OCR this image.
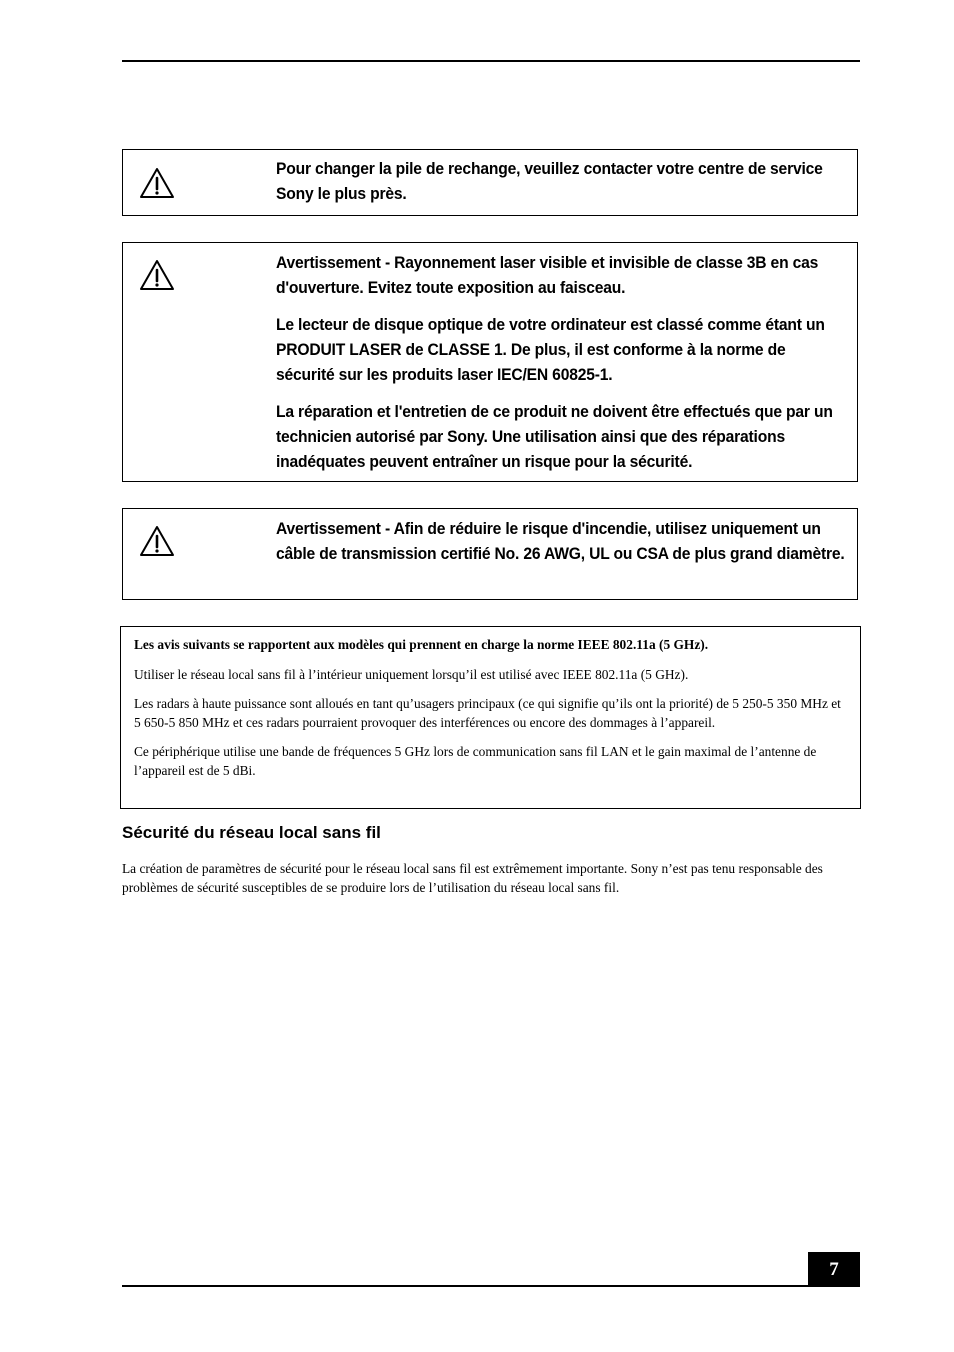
Pour changer la pile de rechange, veuillez contacter votre centre de service Sony le plus près.

Avertissement - Rayonnement laser visible et invisible de classe 3B en cas d'ouverture. Evitez toute exposition au faisceau.

Le lecteur de disque optique de votre ordinateur est classé comme étant un PRODUIT LASER de CLASSE 1. De plus, il est conforme à la norme de sécurité sur les produits laser IEC/EN 60825-1.

La réparation et l'entretien de ce produit ne doivent être effectués que par un technicien autorisé par Sony. Une utilisation ainsi que des réparations inadéquates peuvent entraîner un risque pour la sécurité.

Avertissement - Afin de réduire le risque d'incendie, utilisez uniquement un câble de transmission certifié No. 26 AWG, UL ou CSA de plus grand diamètre.

Les avis suivants se rapportent aux modèles qui prennent en charge la norme IEEE 802.11a (5 GHz).

Utiliser le réseau local sans fil à l’intérieur uniquement lorsqu’il est utilisé avec IEEE 802.11a (5 GHz).

Les radars à haute puissance sont alloués en tant qu’usagers principaux (ce qui signifie qu’ils ont la priorité) de 5 250-5 350 MHz et 5 650-5 850 MHz et ces radars pourraient provoquer des interférences ou encore des dommages à l’appareil.

Ce périphérique utilise une bande de fréquences 5 GHz lors de communication sans fil LAN et le gain maximal de l’antenne de l’appareil est de 5 dBi.

Sécurité du réseau local sans fil
La création de paramètres de sécurité pour le réseau local sans fil est extrêmement importante. Sony n’est pas tenu responsable des problèmes de sécurité susceptibles de se produire lors de l’utilisation du réseau local sans fil.
7
